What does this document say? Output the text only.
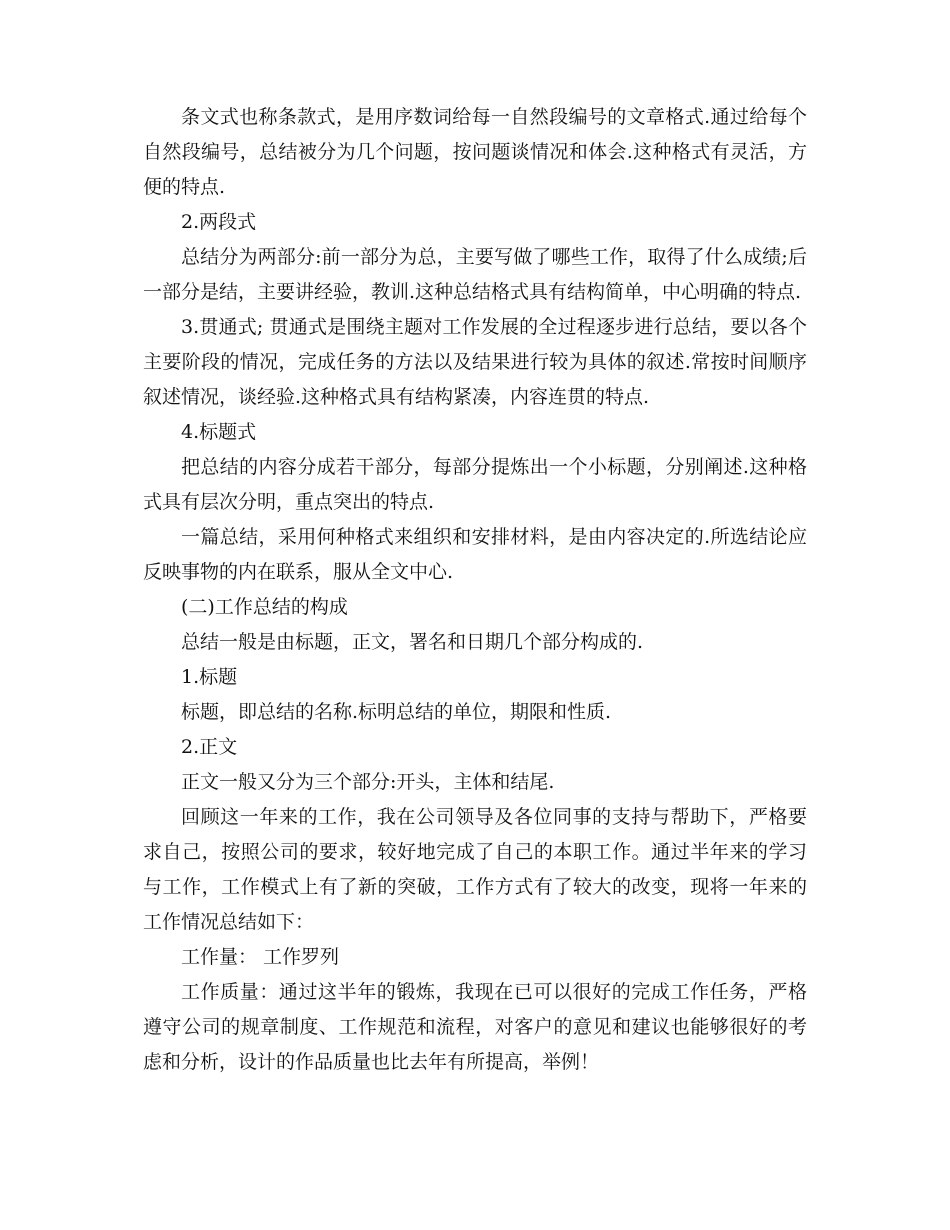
条文式也称条款式，是用序数词给每一自然段编号的文章格式.通过给每个自然段编号，总结被分为几个问题，按问题谈情况和体会.这种格式有灵活，方便的特点.

2.两段式

总结分为两部分:前一部分为总，主要写做了哪些工作，取得了什么成绩;后一部分是结，主要讲经验，教训.这种总结格式具有结构简单，中心明确的特点.

3.贯通式; 贯通式是围绕主题对工作发展的全过程逐步进行总结，要以各个主要阶段的情况，完成任务的方法以及结果进行较为具体的叙述.常按时间顺序叙述情况，谈经验.这种格式具有结构紧凑，内容连贯的特点.

4.标题式

把总结的内容分成若干部分，每部分提炼出一个小标题，分别阐述.这种格式具有层次分明，重点突出的特点.

一篇总结，采用何种格式来组织和安排材料，是由内容决定的.所选结论应反映事物的内在联系，服从全文中心.

(二)工作总结的构成

总结一般是由标题，正文，署名和日期几个部分构成的.

1.标题

标题，即总结的名称.标明总结的单位，期限和性质.

2.正文

正文一般又分为三个部分:开头，主体和结尾.

回顾这一年来的工作，我在公司领导及各位同事的支持与帮助下，严格要求自己，按照公司的要求，较好地完成了自己的本职工作。通过半年来的学习与工作，工作模式上有了新的突破，工作方式有了较大的改变，现将一年来的工作情况总结如下：

工作量： 工作罗列

工作质量：通过这半年的锻炼，我现在已可以很好的完成工作任务，严格遵守公司的规章制度、工作规范和流程，对客户的意见和建议也能够很好的考虑和分析，设计的作品质量也比去年有所提高，举例！
